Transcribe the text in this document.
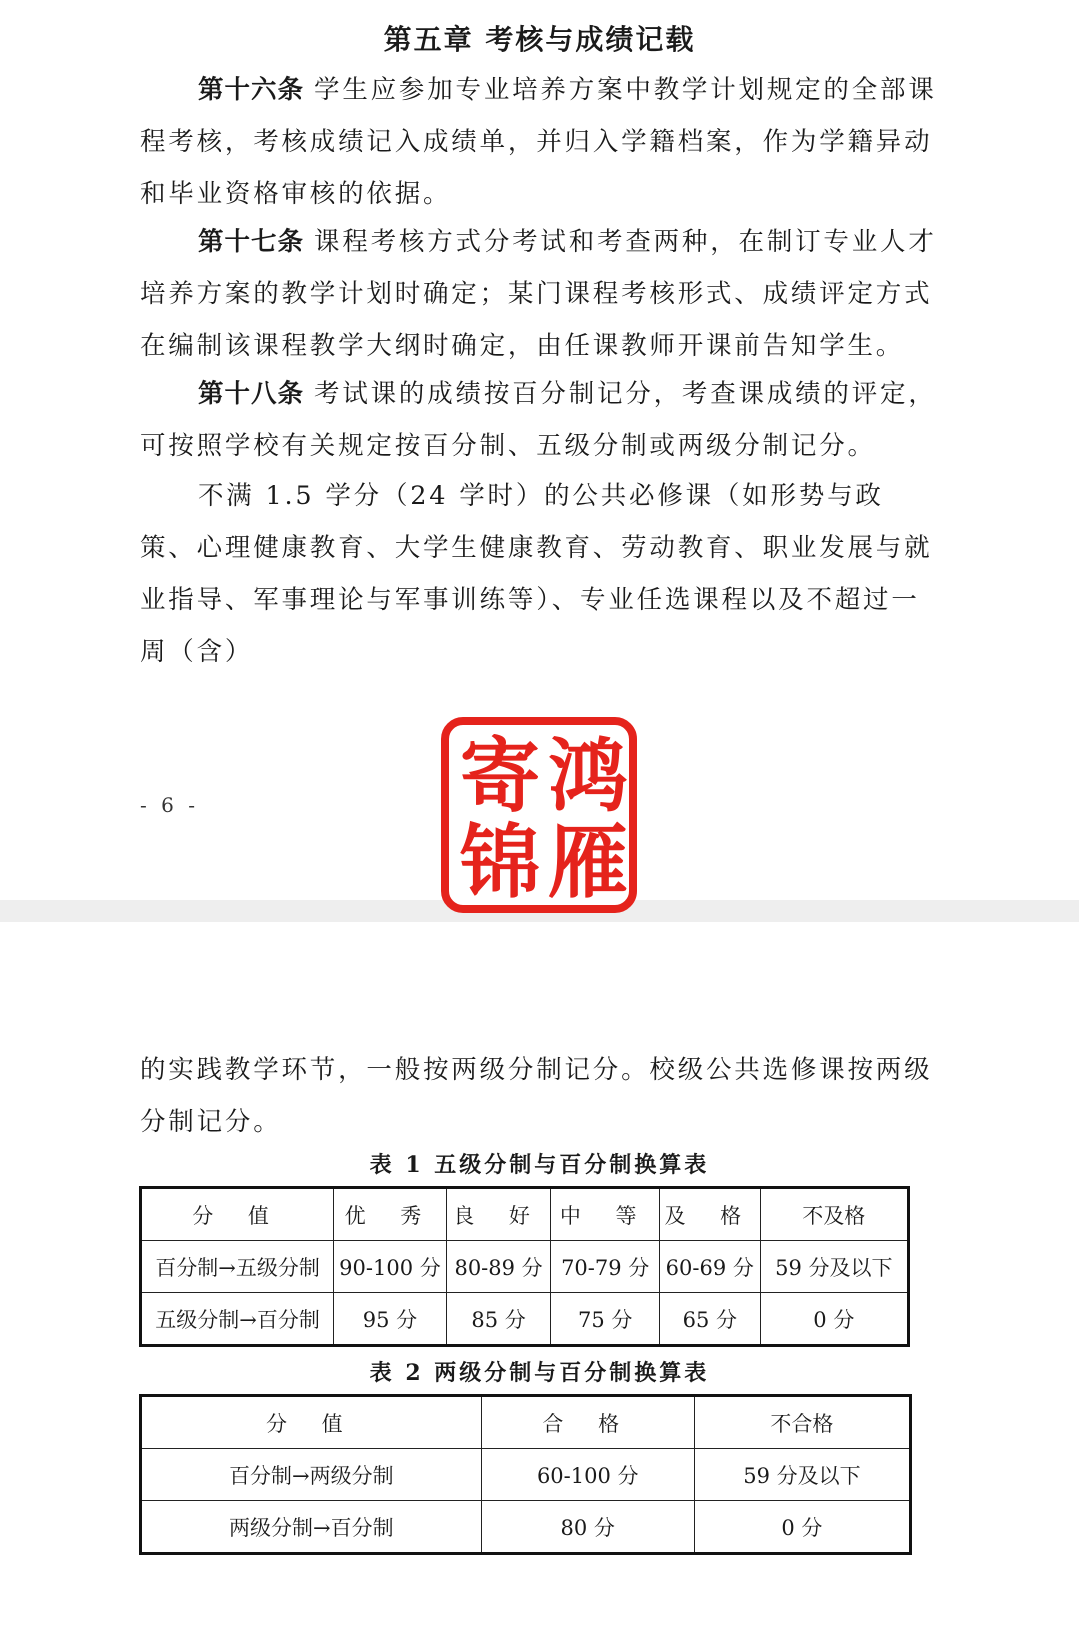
第五章 考核与成绩记载

第十六条 学生应参加专业培养方案中教学计划规定的全部课程考核，考核成绩记入成绩单，并归入学籍档案，作为学籍异动和毕业资格审核的依据。

第十七条 课程考核方式分考试和考查两种，在制订专业人才培养方案的教学计划时确定；某门课程考核形式、成绩评定方式在编制该课程教学大纲时确定，由任课教师开课前告知学生。

第十八条 考试课的成绩按百分制记分，考查课成绩的评定，可按照学校有关规定按百分制、五级分制或两级分制记分。

不满 1.5 学分（24 学时）的公共必修课（如形势与政策、心理健康教育、大学生健康教育、劳动教育、职业发展与就业指导、军事理论与军事训练等）、专业任选课程以及不超过一周（含）

- 6 -

的实践教学环节，一般按两级分制记分。校级公共选修课按两级分制记分。

表 1 五级分制与百分制换算表
分 值	优 秀	良 好	中 等	及 格	不及格
百分制→五级分制	90-100 分	80-89 分	70-79 分	60-69 分	59 分及以下
五级分制→百分制	95 分	85 分	75 分	65 分	0 分
表 2 两级分制与百分制换算表
分 值	合 格	不合格
百分制→两级分制	60-100 分	59 分及以下
两级分制→百分制	80 分	0 分
鸿
寄
雁
锦
